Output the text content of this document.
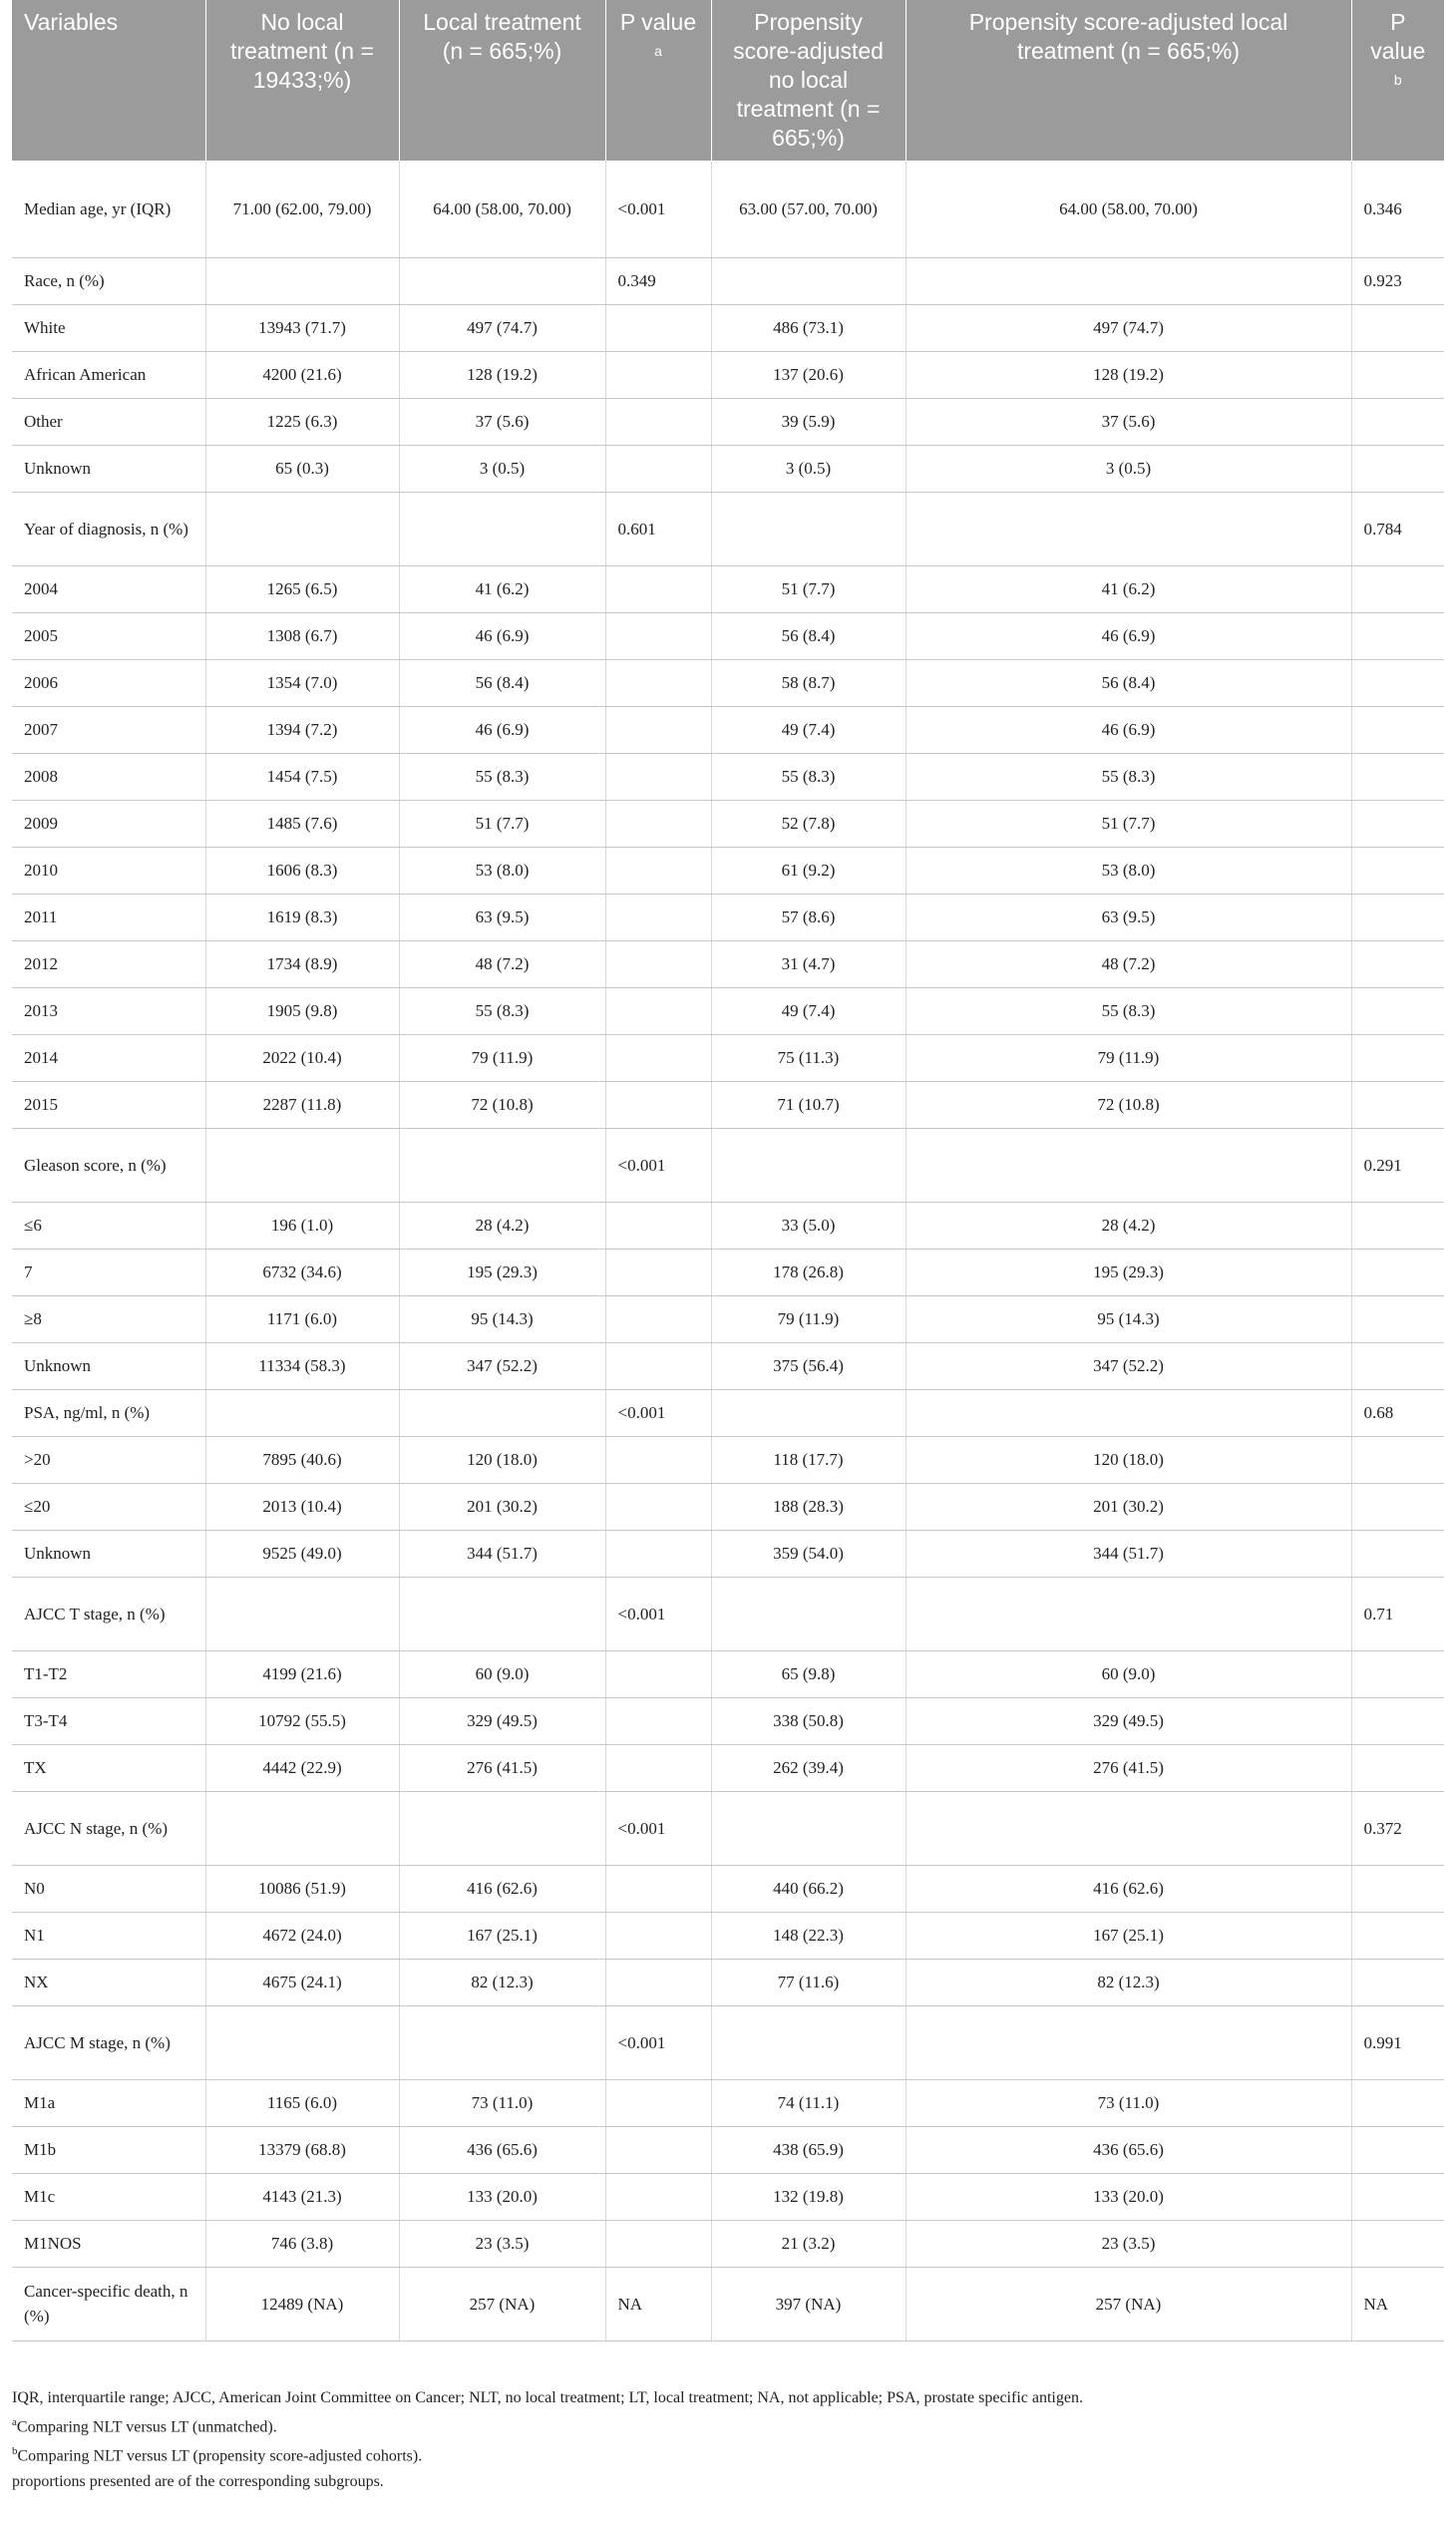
Variables	No local treatment (n = 19433;%)	Local treatment (n = 665;%)	P value $^a$	Propensity score-adjusted no local treatment (n = 665;%)	Propensity score-adjusted local treatment (n = 665;%)	P value $^b$
Median age, yr (IQR)	71.00 (62.00, 79.00)	64.00 (58.00, 70.00)	<0.001	63.00 (57.00, 70.00)	64.00 (58.00, 70.00)	0.346
Race, n (%)			0.349			0.923
White	13943 (71.7)	497 (74.7)		486 (73.1)	497 (74.7)	
African American	4200 (21.6)	128 (19.2)		137 (20.6)	128 (19.2)	
Other	1225 (6.3)	37 (5.6)		39 (5.9)	37 (5.6)	
Unknown	65 (0.3)	3 (0.5)		3 (0.5)	3 (0.5)	
Year of diagnosis, n (%)			0.601			0.784
2004	1265 (6.5)	41 (6.2)		51 (7.7)	41 (6.2)	
2005	1308 (6.7)	46 (6.9)		56 (8.4)	46 (6.9)	
2006	1354 (7.0)	56 (8.4)		58 (8.7)	56 (8.4)	
2007	1394 (7.2)	46 (6.9)		49 (7.4)	46 (6.9)	
2008	1454 (7.5)	55 (8.3)		55 (8.3)	55 (8.3)	
2009	1485 (7.6)	51 (7.7)		52 (7.8)	51 (7.7)	
2010	1606 (8.3)	53 (8.0)		61 (9.2)	53 (8.0)	
2011	1619 (8.3)	63 (9.5)		57 (8.6)	63 (9.5)	
2012	1734 (8.9)	48 (7.2)		31 (4.7)	48 (7.2)	
2013	1905 (9.8)	55 (8.3)		49 (7.4)	55 (8.3)	
2014	2022 (10.4)	79 (11.9)		75 (11.3)	79 (11.9)	
2015	2287 (11.8)	72 (10.8)		71 (10.7)	72 (10.8)	
Gleason score, n (%)			<0.001			0.291
≤6	196 (1.0)	28 (4.2)		33 (5.0)	28 (4.2)	
7	6732 (34.6)	195 (29.3)		178 (26.8)	195 (29.3)	
≥8	1171 (6.0)	95 (14.3)		79 (11.9)	95 (14.3)	
Unknown	11334 (58.3)	347 (52.2)		375 (56.4)	347 (52.2)	
PSA, ng/ml, n (%)			<0.001			0.68
>20	7895 (40.6)	120 (18.0)		118 (17.7)	120 (18.0)	
≤20	2013 (10.4)	201 (30.2)		188 (28.3)	201 (30.2)	
Unknown	9525 (49.0)	344 (51.7)		359 (54.0)	344 (51.7)	
AJCC T stage, n (%)			<0.001			0.71
T1-T2	4199 (21.6)	60 (9.0)		65 (9.8)	60 (9.0)	
T3-T4	10792 (55.5)	329 (49.5)		338 (50.8)	329 (49.5)	
TX	4442 (22.9)	276 (41.5)		262 (39.4)	276 (41.5)	
AJCC N stage, n (%)			<0.001			0.372
N0	10086 (51.9)	416 (62.6)		440 (66.2)	416 (62.6)	
N1	4672 (24.0)	167 (25.1)		148 (22.3)	167 (25.1)	
NX	4675 (24.1)	82 (12.3)		77 (11.6)	82 (12.3)	
AJCC M stage, n (%)			<0.001			0.991
M1a	1165 (6.0)	73 (11.0)		74 (11.1)	73 (11.0)	
M1b	13379 (68.8)	436 (65.6)		438 (65.9)	436 (65.6)	
M1c	4143 (21.3)	133 (20.0)		132 (19.8)	133 (20.0)	
M1NOS	746 (3.8)	23 (3.5)		21 (3.2)	23 (3.5)	
Cancer-specific death, n (%)	12489 (NA)	257 (NA)	NA	397 (NA)	257 (NA)	NA

IQR, interquartile range; AJCC, American Joint Committee on Cancer; NLT, no local treatment; LT, local treatment; NA, not applicable; PSA, prostate specific antigen.

$^a$Comparing NLT versus LT (unmatched).

$^b$Comparing NLT versus LT (propensity score-adjusted cohorts).

proportions presented are of the corresponding subgroups.
